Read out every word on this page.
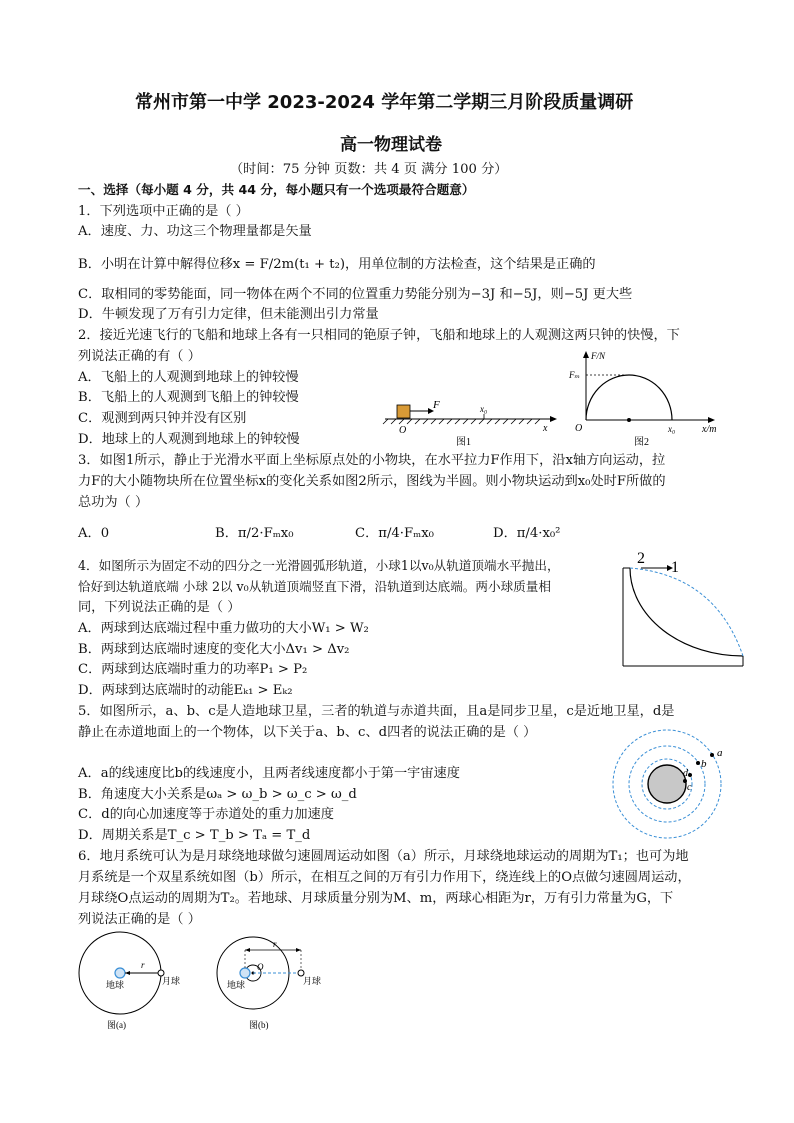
常州市第一中学 2023-2024 学年第二学期三月阶段质量调研
高一物理试卷
（时间：75 分钟 页数：共 4 页 满分 100 分）
一、选择（每小题 4 分，共 44 分，每小题只有一个选项最符合题意）
1．下列选项中正确的是（ ）
A．速度、力、功这三个物理量都是矢量
B．小明在计算中解得位移x = F/2m(t₁ + t₂)，用单位制的方法检查，这个结果是正确的
C．取相同的零势能面，同一物体在两个不同的位置重力势能分别为−3J 和−5J，则−5J 更大些
D．牛顿发现了万有引力定律，但未能测出引力常量
2．接近光速飞行的飞船和地球上各有一只相同的铯原子钟，飞船和地球上的人观测这两只钟的快慢，下
列说法正确的有（ ）
A．飞船上的人观测到地球上的钟较慢
B．飞船上的人观测到飞船上的钟较慢
C．观测到两只钟并没有区别
D．地球上的人观测到地球上的钟较慢
F	x₀
O	x
图1
F/N
Fₘ
O	x₀	x/m
图2
3．如图1所示，静止于光滑水平面上坐标原点处的小物块，在水平拉力F作用下，沿x轴方向运动，拉
力F的大小随物块所在位置坐标x的变化关系如图2所示，图线为半圆。则小物块运动到x₀处时F所做的
总功为（ ）
A．0	B．π/2·Fₘx₀	C．π/4·Fₘx₀	D．π/4·x₀²
4．如图所示为固定不动的四分之一光滑圆弧形轨道，小球1以v₀从轨道顶端水平抛出，
恰好到达轨道底端 小球 2以 v₀从轨道顶端竖直下滑，沿轨道到达底端。两小球质量相
同，下列说法正确的是（ ）
A．两球到达底端过程中重力做功的大小W₁ > W₂
B．两球到达底端时速度的变化大小Δv₁ > Δv₂
C．两球到达底端时重力的功率P₁ > P₂
D．两球到达底端时的动能Eₖ₁ > Eₖ₂
2
1
5．如图所示，a、b、c是人造地球卫星，三者的轨道与赤道共面，且a是同步卫星，c是近地卫星，d是
静止在赤道地面上的一个物体，以下关于a、b、c、d四者的说法正确的是（ ）
A．a的线速度比b的线速度小，且两者线速度都小于第一宇宙速度
B．角速度大小关系是ωₐ > ω_b > ω_c > ω_d
C．d的向心加速度等于赤道处的重力加速度
D．周期关系是T_c > T_b > Tₐ = T_d
a
b
d
c
6．地月系统可认为是月球绕地球做匀速圆周运动如图（a）所示，月球绕地球运动的周期为T₁；也可为地
月系统是一个双星系统如图（b）所示，在相互之间的万有引力作用下，绕连线上的O点做匀速圆周运动，
月球绕O点运动的周期为T₂。若地球、月球质量分别为M、m，两球心相距为r，万有引力常量为G，下
列说法正确的是（ ）
r
地球	月球
图(a)
r
O
地球	月球
图(b)
